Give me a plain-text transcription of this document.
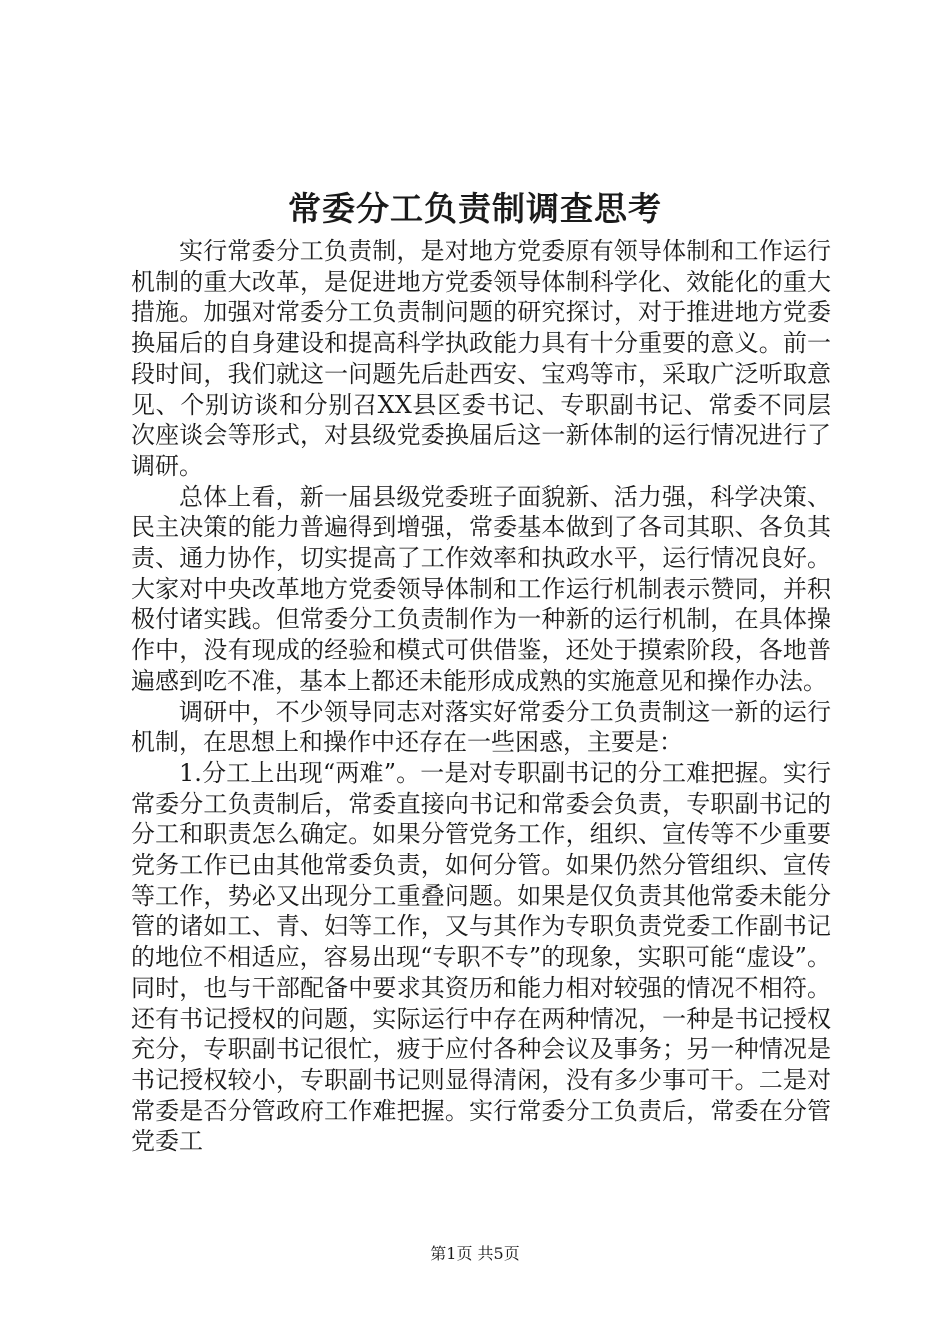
常委分工负责制调查思考

实行常委分工负责制，是对地方党委原有领导体制和工作运行机制的重大改革，是促进地方党委领导体制科学化、效能化的重大措施。加强对常委分工负责制问题的研究探讨，对于推进地方党委换届后的自身建设和提高科学执政能力具有十分重要的意义。前一段时间，我们就这一问题先后赴西安、宝鸡等市，采取广泛听取意见、个别访谈和分别召XX县区委书记、专职副书记、常委不同层次座谈会等形式，对县级党委换届后这一新体制的运行情况进行了调研。

总体上看，新一届县级党委班子面貌新、活力强，科学决策、民主决策的能力普遍得到增强，常委基本做到了各司其职、各负其责、通力协作，切实提高了工作效率和执政水平，运行情况良好。大家对中央改革地方党委领导体制和工作运行机制表示赞同，并积极付诸实践。但常委分工负责制作为一种新的运行机制，在具体操作中，没有现成的经验和模式可供借鉴，还处于摸索阶段，各地普遍感到吃不准，基本上都还未能形成成熟的实施意见和操作办法。

调研中，不少领导同志对落实好常委分工负责制这一新的运行机制，在思想上和操作中还存在一些困惑，主要是：

1.分工上出现“两难”。一是对专职副书记的分工难把握。实行常委分工负责制后，常委直接向书记和常委会负责，专职副书记的分工和职责怎么确定。如果分管党务工作，组织、宣传等不少重要党务工作已由其他常委负责，如何分管。如果仍然分管组织、宣传等工作，势必又出现分工重叠问题。如果是仅负责其他常委未能分管的诸如工、青、妇等工作，又与其作为专职负责党委工作副书记的地位不相适应，容易出现“专职不专”的现象，实职可能“虚设”。同时，也与干部配备中要求其资历和能力相对较强的情况不相符。还有书记授权的问题，实际运行中存在两种情况，一种是书记授权充分，专职副书记很忙，疲于应付各种会议及事务；另一种情况是书记授权较小，专职副书记则显得清闲，没有多少事可干。二是对常委是否分管政府工作难把握。实行常委分工负责后，常委在分管党委工

第1页 共5页
